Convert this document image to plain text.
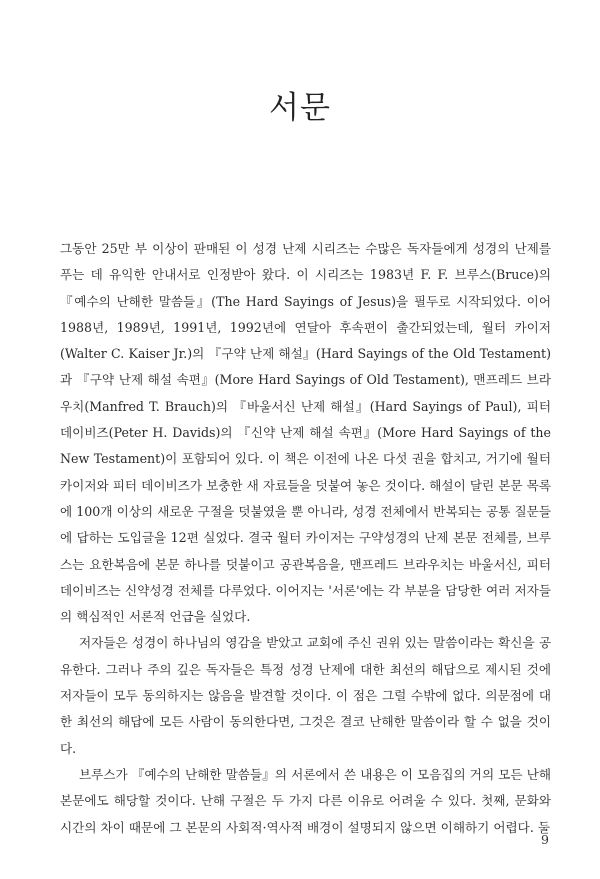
서문

그동안 25만 부 이상이 판매된 이 성경 난제 시리즈는 수많은 독자들에게 성경의 난제를 푸는 데 유익한 안내서로 인정받아 왔다. 이 시리즈는 1983년 F. F. 브루스(Bruce)의 『예수의 난해한 말씀들』(The Hard Sayings of Jesus)을 필두로 시작되었다. 이어 1988년, 1989년, 1991년, 1992년에 연달아 후속편이 출간되었는데, 월터 카이저(Walter C. Kaiser Jr.)의 『구약 난제 해설』(Hard Sayings of the Old Testament)과 『구약 난제 해설 속편』(More Hard Sayings of Old Testament), 맨프레드 브라우치(Manfred T. Brauch)의 『바울서신 난제 해설』(Hard Sayings of Paul), 피터 데이비즈(Peter H. Davids)의 『신약 난제 해설 속편』(More Hard Sayings of the New Testament)이 포함되어 있다. 이 책은 이전에 나온 다섯 권을 합치고, 거기에 월터 카이저와 피터 데이비즈가 보충한 새 자료들을 덧붙여 놓은 것이다. 해설이 달린 본문 목록에 100개 이상의 새로운 구절을 덧붙였을 뿐 아니라, 성경 전체에서 반복되는 공통 질문들에 답하는 도입글을 12편 실었다. 결국 월터 카이저는 구약성경의 난제 본문 전체를, 브루스는 요한복음에 본문 하나를 덧붙이고 공관복음을, 맨프레드 브라우치는 바울서신, 피터 데이비즈는 신약성경 전체를 다루었다. 이어지는 '서론'에는 각 부분을 담당한 여러 저자들의 핵심적인 서론적 언급을 실었다.

저자들은 성경이 하나님의 영감을 받았고 교회에 주신 권위 있는 말씀이라는 확신을 공유한다. 그러나 주의 깊은 독자들은 특정 성경 난제에 대한 최선의 해답으로 제시된 것에 저자들이 모두 동의하지는 않음을 발견할 것이다. 이 점은 그럴 수밖에 없다. 의문점에 대한 최선의 해답에 모든 사람이 동의한다면, 그것은 결코 난해한 말씀이라 할 수 없을 것이다.

브루스가 『예수의 난해한 말씀들』의 서론에서 쓴 내용은 이 모음집의 거의 모든 난해 본문에도 해당할 것이다. 난해 구절은 두 가지 다른 이유로 어려울 수 있다. 첫째, 문화와 시간의 차이 때문에 그 본문의 사회적·역사적 배경이 설명되지 않으면 이해하기 어렵다. 둘

9
